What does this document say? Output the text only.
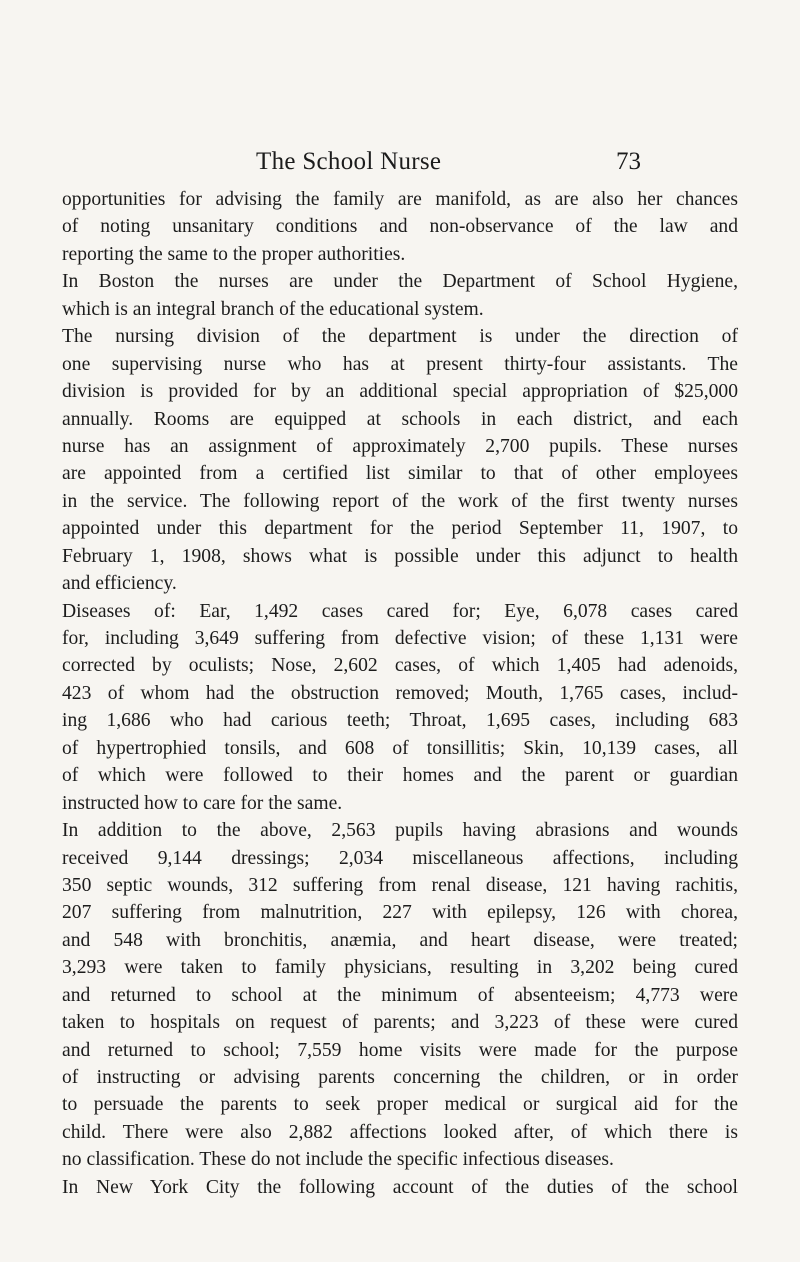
The School Nurse	73
opportunities for advising the family are manifold, as are also her chances
of noting unsanitary conditions and non-observance of the law and
reporting the same to the proper authorities.
In Boston the nurses are under the Department of School Hygiene,
which is an integral branch of the educational system.
The nursing division of the department is under the direction of
one supervising nurse who has at present thirty-four assistants. The
division is provided for by an additional special appropriation of $25,000
annually. Rooms are equipped at schools in each district, and each
nurse has an assignment of approximately 2,700 pupils. These nurses
are appointed from a certified list similar to that of other employees
in the service. The following report of the work of the first twenty nurses
appointed under this department for the period September 11, 1907, to
February 1, 1908, shows what is possible under this adjunct to health
and efficiency.
Diseases of: Ear, 1,492 cases cared for; Eye, 6,078 cases cared
for, including 3,649 suffering from defective vision; of these 1,131 were
corrected by oculists; Nose, 2,602 cases, of which 1,405 had adenoids,
423 of whom had the obstruction removed; Mouth, 1,765 cases, includ-
ing 1,686 who had carious teeth; Throat, 1,695 cases, including 683
of hypertrophied tonsils, and 608 of tonsillitis; Skin, 10,139 cases, all
of which were followed to their homes and the parent or guardian
instructed how to care for the same.
In addition to the above, 2,563 pupils having abrasions and wounds
received 9,144 dressings; 2,034 miscellaneous affections, including
350 septic wounds, 312 suffering from renal disease, 121 having rachitis,
207 suffering from malnutrition, 227 with epilepsy, 126 with chorea,
and 548 with bronchitis, anæmia, and heart disease, were treated;
3,293 were taken to family physicians, resulting in 3,202 being cured
and returned to school at the minimum of absenteeism; 4,773 were
taken to hospitals on request of parents; and 3,223 of these were cured
and returned to school; 7,559 home visits were made for the purpose
of instructing or advising parents concerning the children, or in order
to persuade the parents to seek proper medical or surgical aid for the
child. There were also 2,882 affections looked after, of which there is
no classification. These do not include the specific infectious diseases.
In New York City the following account of the duties of the school
